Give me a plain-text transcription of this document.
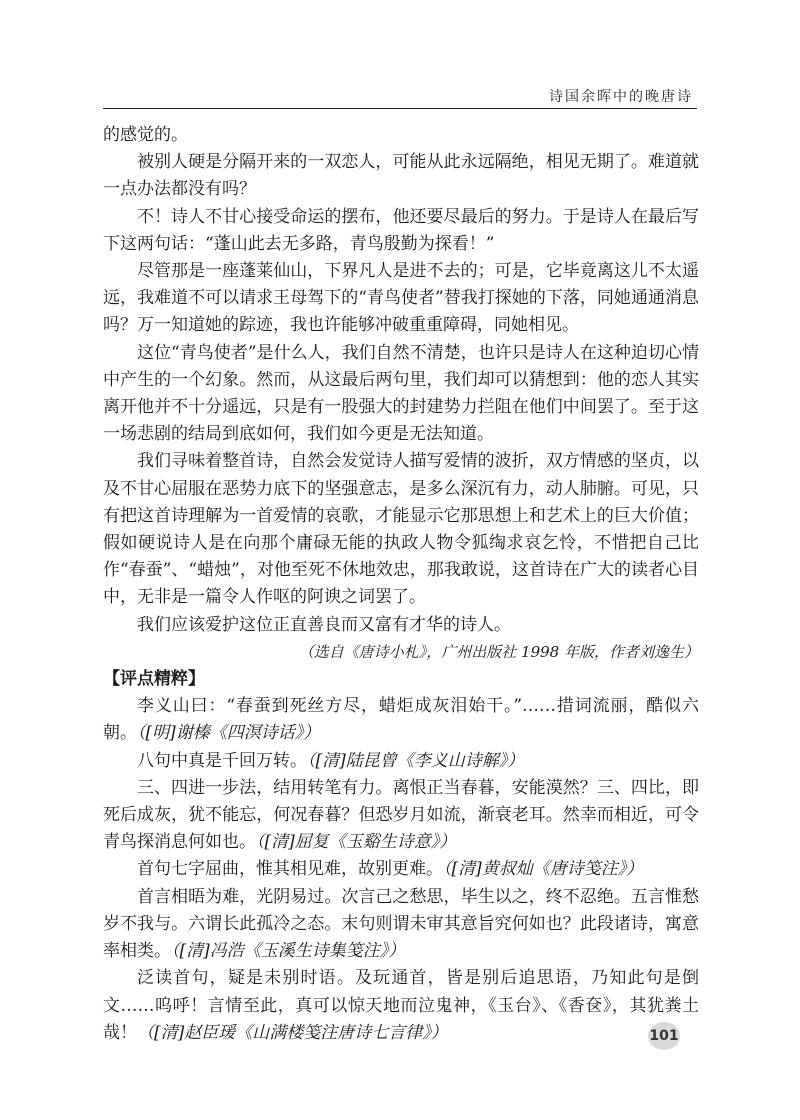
诗国余晖中的晚唐诗

的感觉的。

被别人硬是分隔开来的一双恋人，可能从此永远隔绝，相见无期了。难道就一点办法都没有吗？

不！诗人不甘心接受命运的摆布，他还要尽最后的努力。于是诗人在最后写下这两句话：“蓬山此去无多路，青鸟殷勤为探看！”

尽管那是一座蓬莱仙山，下界凡人是进不去的；可是，它毕竟离这儿不太遥远，我难道不可以请求王母驾下的“青鸟使者”替我打探她的下落，同她通通消息吗？万一知道她的踪迹，我也许能够冲破重重障碍，同她相见。

这位“青鸟使者”是什么人，我们自然不清楚，也许只是诗人在这种迫切心情中产生的一个幻象。然而，从这最后两句里，我们却可以猜想到：他的恋人其实离开他并不十分遥远，只是有一股强大的封建势力拦阻在他们中间罢了。至于这一场悲剧的结局到底如何，我们如今更是无法知道。

我们寻味着整首诗，自然会发觉诗人描写爱情的波折，双方情感的坚贞，以及不甘心屈服在恶势力底下的坚强意志，是多么深沉有力，动人肺腑。可见，只有把这首诗理解为一首爱情的哀歌，才能显示它那思想上和艺术上的巨大价值；假如硬说诗人是在向那个庸碌无能的执政人物令狐绹求哀乞怜，不惜把自己比作“春蚕”、“蜡烛”，对他至死不休地效忠，那我敢说，这首诗在广大的读者心目中，无非是一篇令人作呕的阿谀之词罢了。

我们应该爱护这位正直善良而又富有才华的诗人。

（选自《唐诗小札》，广州出版社 1998 年版，作者刘逸生）

【评点精粹】

李义山曰：“春蚕到死丝方尽，蜡炬成灰泪始干。”……措词流丽，酷似六朝。（[明]谢榛《四溟诗话》）

八句中真是千回万转。（[清]陆昆曾《李义山诗解》）

三、四进一步法，结用转笔有力。离恨正当春暮，安能漠然？三、四比，即死后成灰，犹不能忘，何况春暮？但恐岁月如流，渐衰老耳。然幸而相近，可令青鸟探消息何如也。（[清]屈复《玉谿生诗意》）

首句七字屈曲，惟其相见难，故别更难。（[清]黄叔灿《唐诗笺注》）

首言相晤为难，光阴易过。次言己之愁思，毕生以之，终不忍绝。五言惟愁岁不我与。六谓长此孤冷之态。末句则谓未审其意旨究何如也？此段诸诗，寓意率相类。（[清]冯浩《玉溪生诗集笺注》）

泛读首句，疑是未别时语。及玩通首，皆是别后追思语，乃知此句是倒文……呜呼！言情至此，真可以惊天地而泣鬼神，《玉台》、《香奁》，其犹粪土哉！（[清]赵臣瑗《山满楼笺注唐诗七言律》）	101
